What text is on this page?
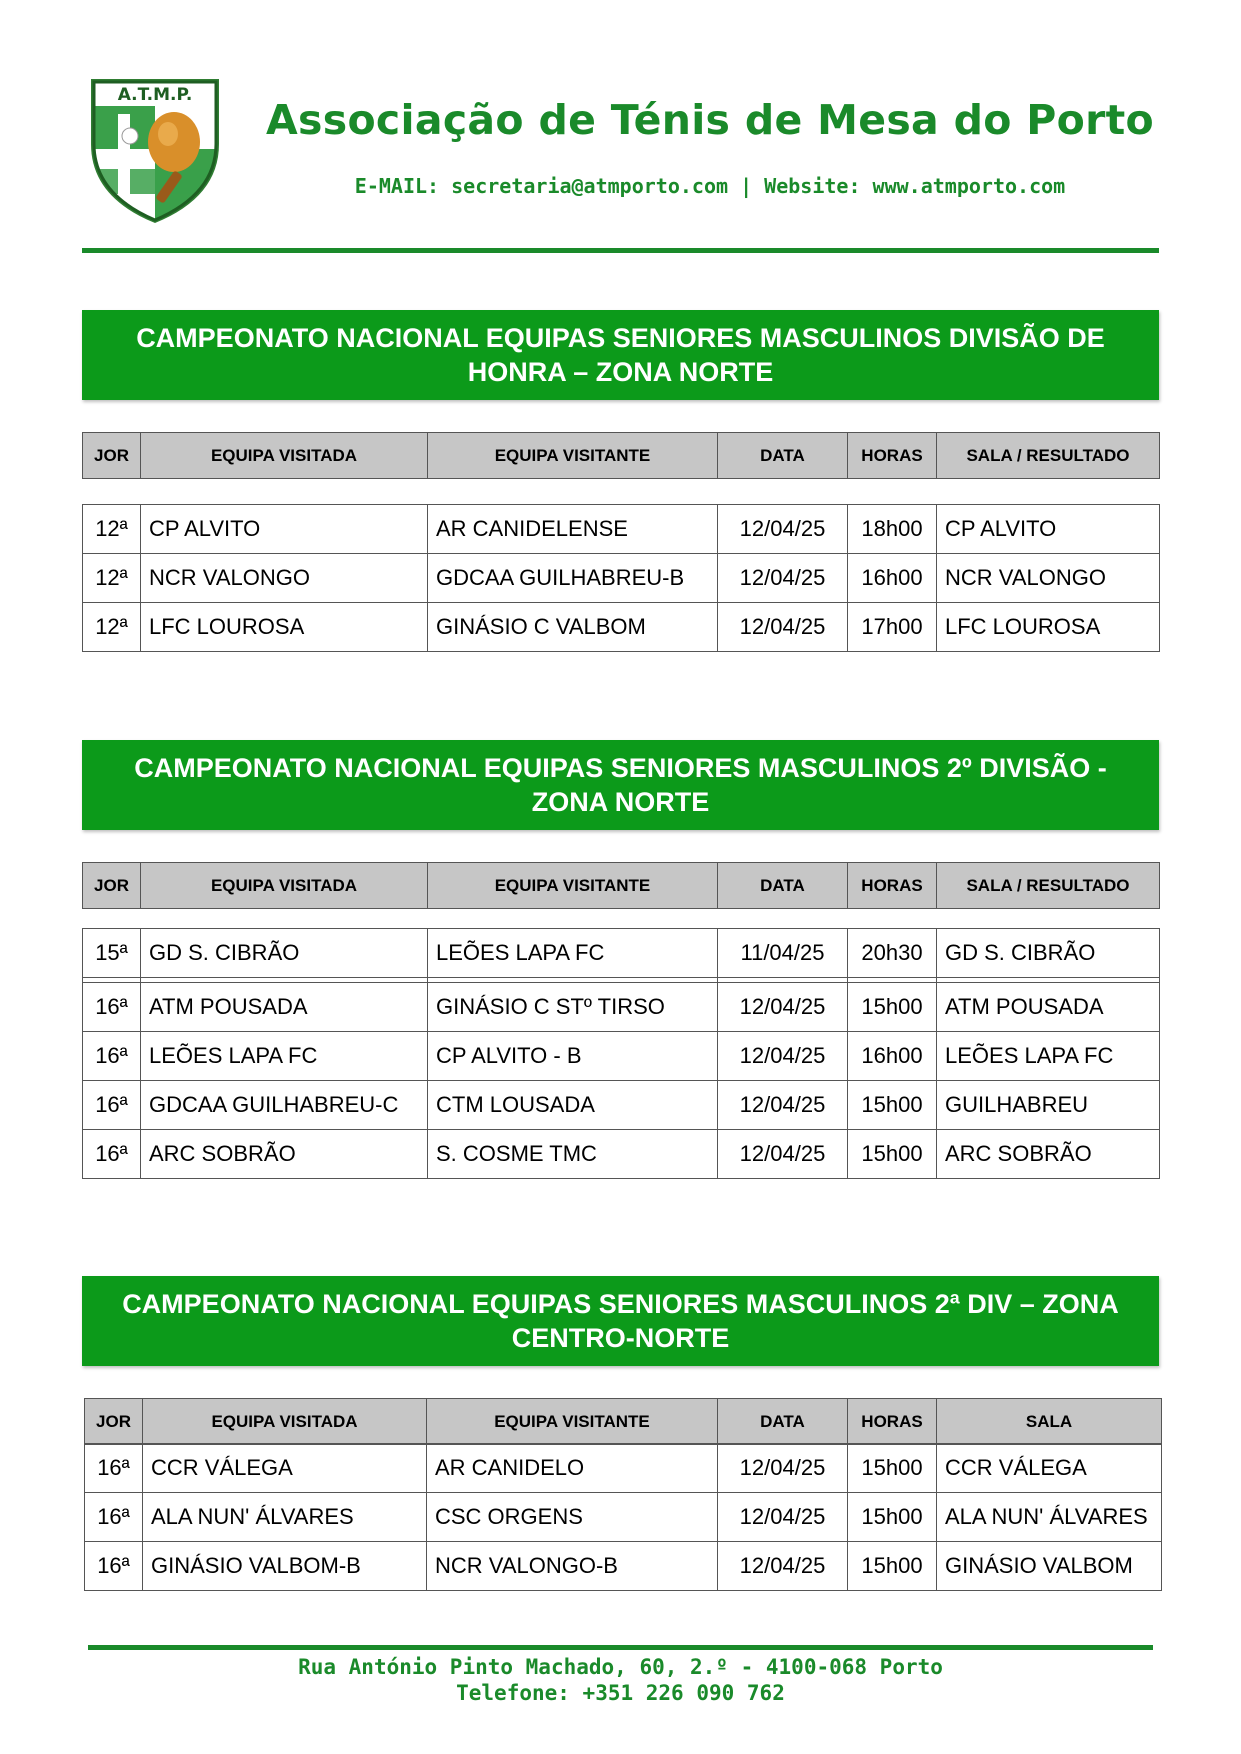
A.T.M.P.
Associação de Ténis de Mesa do Porto
E-MAIL: secretaria@atmporto.com | Website: www.atmporto.com
CAMPEONATO NACIONAL EQUIPAS SENIORES MASCULINOS DIVISÃO DE HONRA – ZONA NORTE
JOR	EQUIPA VISITADA	EQUIPA VISITANTE	DATA	HORAS	SALA / RESULTADO
12ª	CP ALVITO	AR CANIDELENSE	12/04/25	18h00	CP ALVITO
12ª	NCR VALONGO	GDCAA GUILHABREU-B	12/04/25	16h00	NCR VALONGO
12ª	LFC LOUROSA	GINÁSIO C VALBOM	12/04/25	17h00	LFC LOUROSA
CAMPEONATO NACIONAL EQUIPAS SENIORES MASCULINOS 2º DIVISÃO - ZONA NORTE
JOR	EQUIPA VISITADA	EQUIPA VISITANTE	DATA	HORAS	SALA / RESULTADO
15ª	GD S. CIBRÃO	LEÕES LAPA FC	11/04/25	20h30	GD S. CIBRÃO

16ª	ATM POUSADA	GINÁSIO C STº TIRSO	12/04/25	15h00	ATM POUSADA
16ª	LEÕES LAPA FC	CP ALVITO - B	12/04/25	16h00	LEÕES LAPA FC
16ª	GDCAA GUILHABREU-C	CTM LOUSADA	12/04/25	15h00	GUILHABREU
16ª	ARC SOBRÃO	S. COSME TMC	12/04/25	15h00	ARC SOBRÃO
CAMPEONATO NACIONAL EQUIPAS SENIORES MASCULINOS 2ª DIV – ZONA CENTRO-NORTE
JOR	EQUIPA VISITADA	EQUIPA VISITANTE	DATA	HORAS	SALA
16ª	CCR VÁLEGA	AR CANIDELO	12/04/25	15h00	CCR VÁLEGA
16ª	ALA NUN' ÁLVARES	CSC ORGENS	12/04/25	15h00	ALA NUN' ÁLVARES
16ª	GINÁSIO VALBOM-B	NCR VALONGO-B	12/04/25	15h00	GINÁSIO VALBOM
Rua António Pinto Machado, 60, 2.º - 4100-068 Porto
Telefone: +351 226 090 762
